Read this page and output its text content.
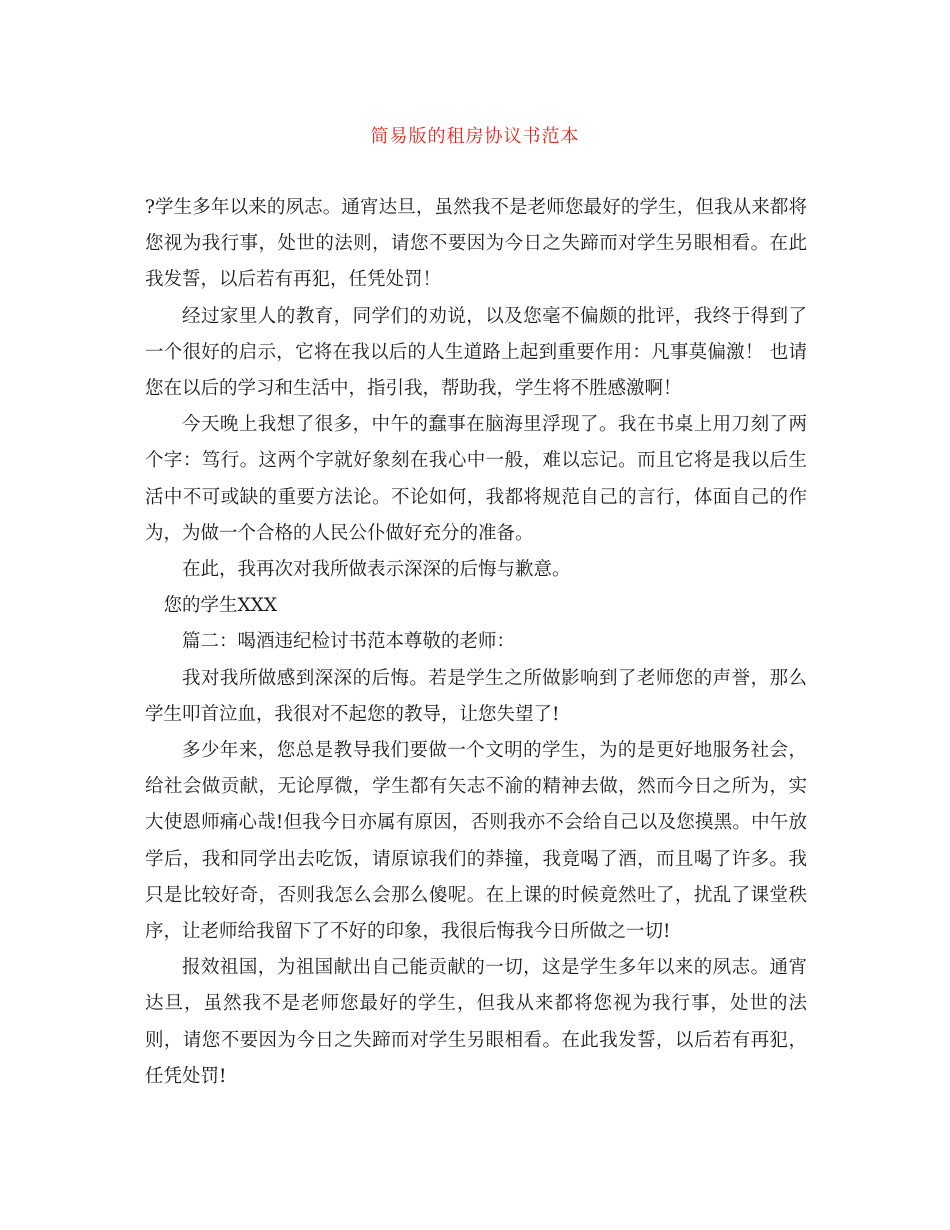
简易版的租房协议书范本

?学生多年以来的夙志。通宵达旦，虽然我不是老师您最好的学生，但我从来都将您视为我行事，处世的法则，请您不要因为今日之失蹄而对学生另眼相看。在此我发誓，以后若有再犯，任凭处罚！

经过家里人的教育，同学们的劝说，以及您毫不偏颇的批评，我终于得到了一个很好的启示，它将在我以后的人生道路上起到重要作用：凡事莫偏激！ 也请您在以后的学习和生活中，指引我，帮助我，学生将不胜感激啊！

今天晚上我想了很多，中午的蠢事在脑海里浮现了。我在书桌上用刀刻了两个字：笃行。这两个字就好象刻在我心中一般，难以忘记。而且它将是我以后生活中不可或缺的重要方法论。不论如何，我都将规范自己的言行，体面自己的作为，为做一个合格的人民公仆做好充分的准备。

在此，我再次对我所做表示深深的后悔与歉意。

您的学生XXX

篇二：喝酒违纪检讨书范本尊敬的老师：

我对我所做感到深深的后悔。若是学生之所做影响到了老师您的声誉，那么学生叩首泣血，我很对不起您的教导，让您失望了!

多少年来，您总是教导我们要做一个文明的学生，为的是更好地服务社会，给社会做贡献，无论厚微，学生都有矢志不渝的精神去做，然而今日之所为，实大使恩师痛心哉!但我今日亦属有原因，否则我亦不会给自己以及您摸黑。中午放学后，我和同学出去吃饭，请原谅我们的莽撞，我竟喝了酒，而且喝了许多。我只是比较好奇，否则我怎么会那么傻呢。在上课的时候竟然吐了，扰乱了课堂秩序，让老师给我留下了不好的印象，我很后悔我今日所做之一切!

报效祖国，为祖国献出自己能贡献的一切，这是学生多年以来的夙志。通宵达旦，虽然我不是老师您最好的学生，但我从来都将您视为我行事，处世的法则，请您不要因为今日之失蹄而对学生另眼相看。在此我发誓，以后若有再犯，任凭处罚!
